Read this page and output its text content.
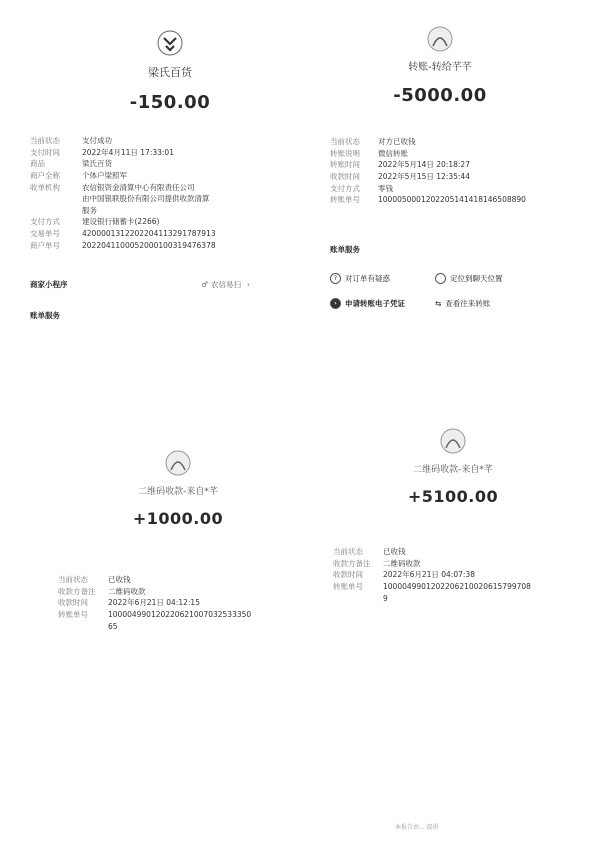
梁氏百货
-150.00
当前状态	支付成功
支付时间	2022年4月11日 17:33:01
商品	梁氏百货
商户全称	个体户梁照军
收单机构	农信银资金清算中心有限责任公司
由中国银联股份有限公司提供收款清算
服务
支付方式	建设银行储蓄卡(2266)
交易单号	4200001312202204113291787913
商户单号	2022041100052000100319476378
商家小程序	♂ 农信易扫 ›
账单服务
转账-转给芊芊
-5000.00
当前状态	对方已收钱
转账说明	微信转账
转账时间	2022年5月14日 20:18:27
收款时间	2022年5月15日 12:35:44
支付方式	零钱
转账单号	1000050001202205141418146508890
账单服务
?	对订单有疑惑	定位到聊天位置
›	申请转账电子凭证	⇆ 查看往来转账
二维码收款-来自*芊
+1000.00
当前状态	已收钱
收款方备注	二维码收款
收款时间	2022年6月21日 04:12:15
转账单号	100004990120220621007032533350
65
二维码收款-来自*芊
+5100.00
当前状态	已收钱
收款方备注	二维码收款
收款时间	2022年6月21日 04:07:38
转账单号	1000049901202206210020615799708
9
本报告由... 提供
